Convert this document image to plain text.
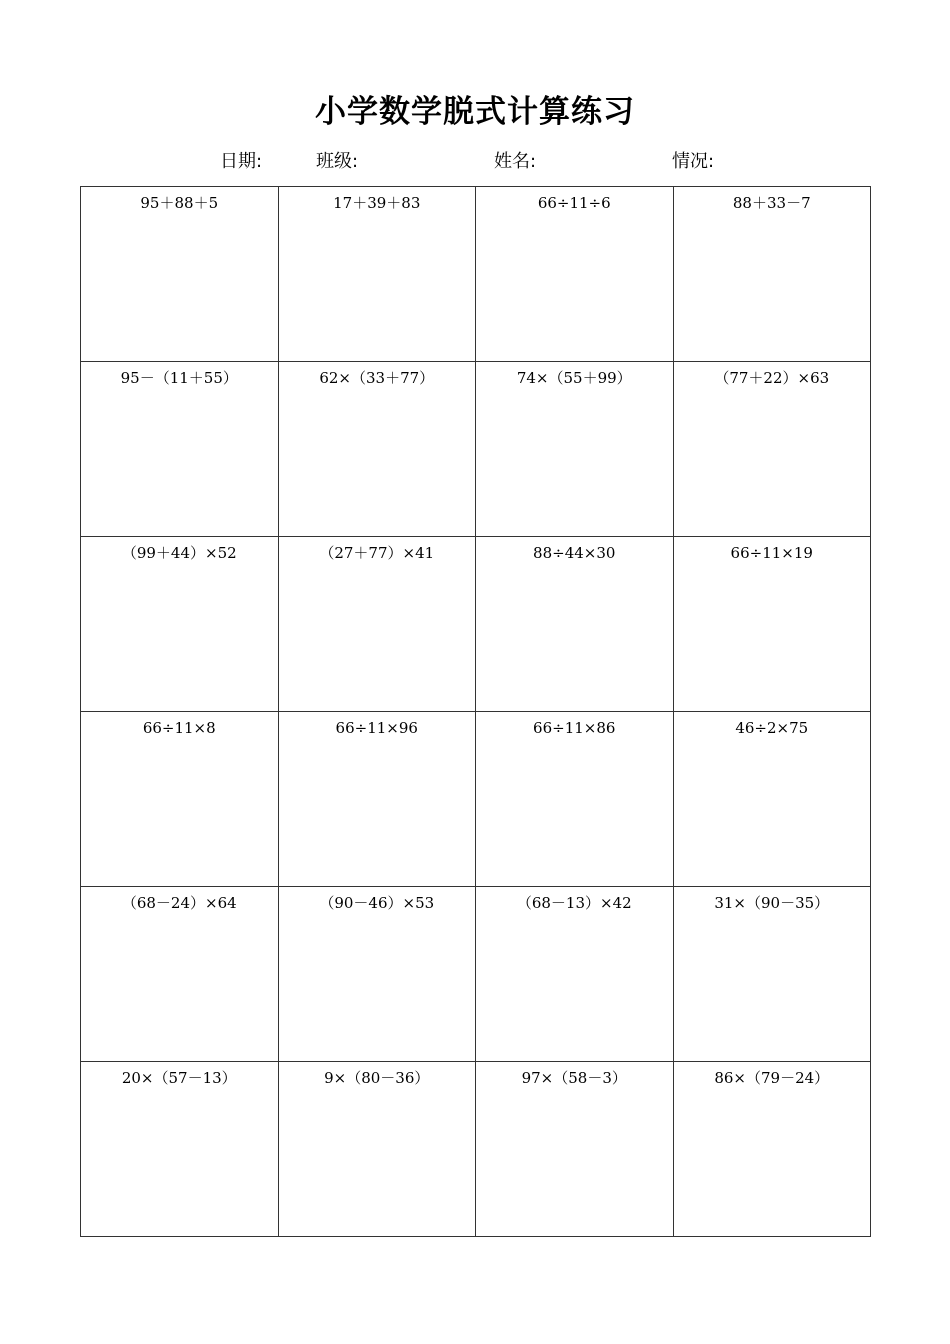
小学数学脱式计算练习
日期:	班级:	姓名:	情况:
95＋88＋5	17＋39＋83	66÷11÷6	88＋33－7

95－（11＋55）	62×（33＋77）	74×（55＋99）	（77＋22）×63

（99＋44）×52	（27＋77）×41	88÷44×30	66÷11×19

66÷11×8	66÷11×96	66÷11×86	46÷2×75

（68－24）×64	（90－46）×53	（68－13）×42	31×（90－35）

20×（57－13）	9×（80－36）	97×（58－3）	86×（79－24）
